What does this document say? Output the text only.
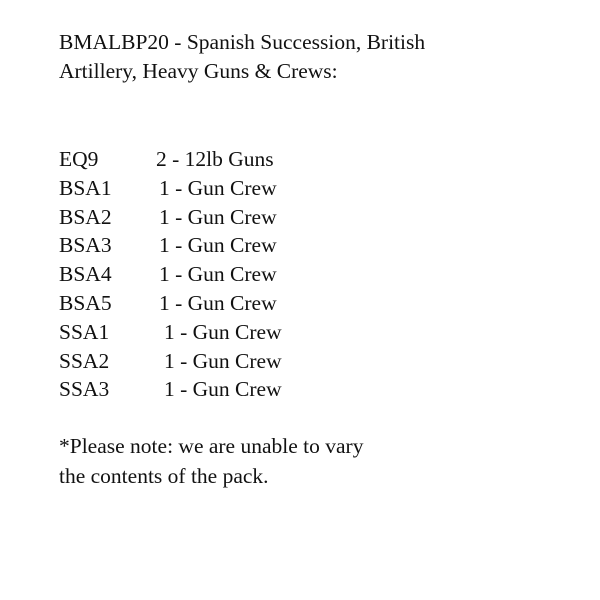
BMALBP20 - Spanish Succession, British
Artillery, Heavy Guns & Crews:
EQ9	2 - 12lb Guns
BSA1 1 - Gun Crew
BSA2 1 - Gun Crew
BSA3 1 - Gun Crew
BSA4 1 - Gun Crew
BSA5 1 - Gun Crew
SSA1	1 - Gun Crew
SSA2	1 - Gun Crew
SSA3	1 - Gun Crew

*Please note: we are unable to vary
the contents of the pack.
